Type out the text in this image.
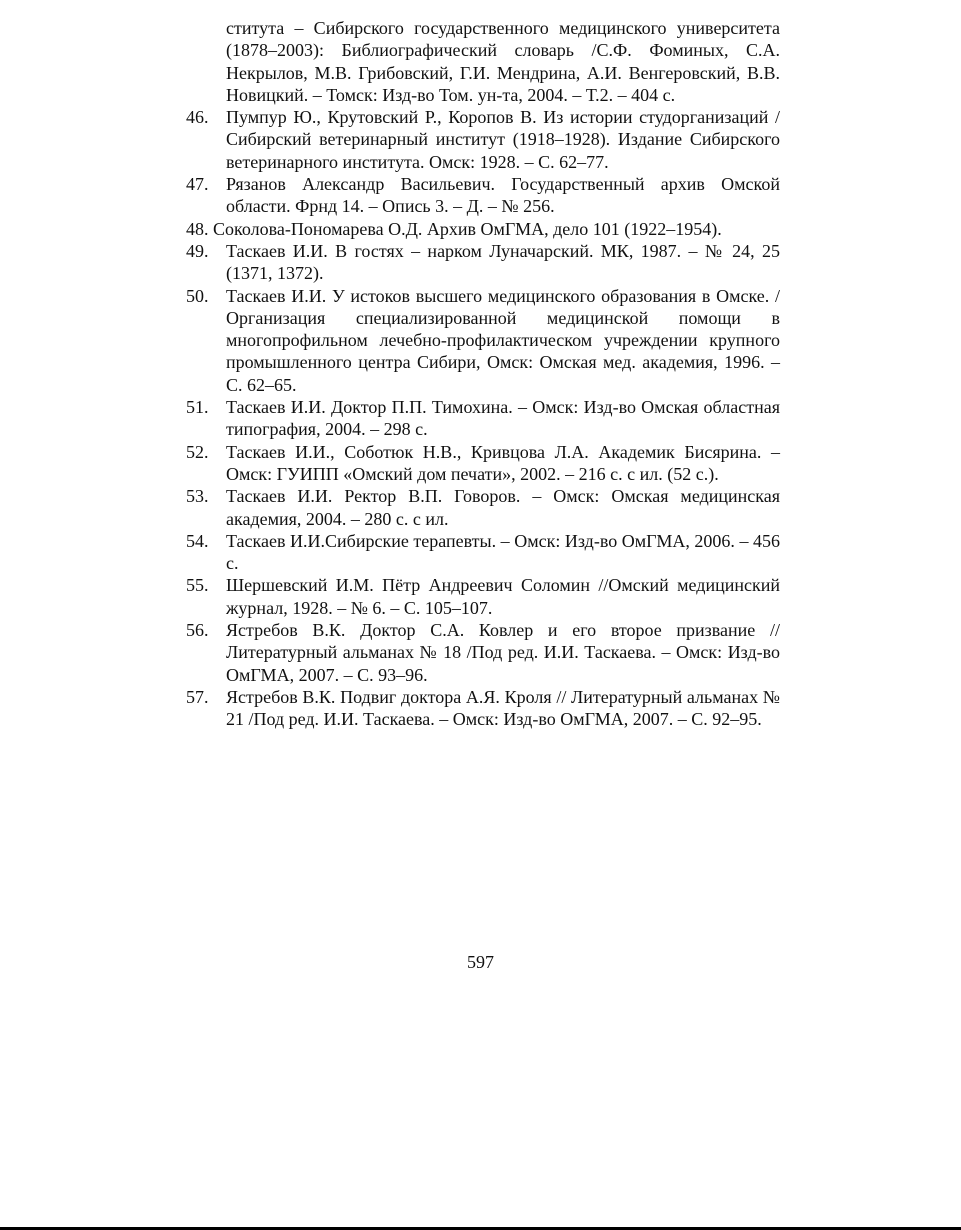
ститута – Сибирского государственного медицинского университета (1878–2003): Библиографический словарь /С.Ф. Фоминых, С.А. Некрылов, М.В. Грибовский, Г.И. Мендрина, А.И. Венгеровский, В.В. Новицкий. – Томск: Изд-во Том. ун-та, 2004. – Т.2. – 404 с.
46. Пумпур Ю., Крутовский Р., Коропов В. Из истории студорганизаций /Сибирский ветеринарный институт (1918–1928). Издание Сибирского ветеринарного института. Омск: 1928. – С. 62–77.
47. Рязанов Александр Васильевич. Государственный архив Омской области. Фрнд 14. – Опись 3. – Д. – № 256.
48. Соколова-Пономарева О.Д. Архив ОмГМА, дело 101 (1922–1954).
49. Таскаев И.И. В гостях – нарком Луначарский. МК, 1987. – № 24, 25 (1371, 1372).
50. Таскаев И.И. У истоков высшего медицинского образования в Омске. /Организация специализированной медицинской помощи в многопрофильном лечебно-профилактическом учреждении крупного промышленного центра Сибири, Омск: Омская мед. академия, 1996. – С. 62–65.
51. Таскаев И.И. Доктор П.П. Тимохина. – Омск: Изд-во Омская областная типография, 2004. – 298 с.
52. Таскаев И.И., Соботюк Н.В., Кривцова Л.А. Академик Бисярина. – Омск: ГУИПП «Омский дом печати», 2002. – 216 с. с ил. (52 с.).
53. Таскаев И.И. Ректор В.П. Говоров. – Омск: Омская медицинская академия, 2004. – 280 с. с ил.
54. Таскаев И.И.Сибирские терапевты. – Омск: Изд-во ОмГМА, 2006. – 456 с.
55. Шершевский И.М. Пётр Андреевич Соломин //Омский медицинский журнал, 1928. – № 6. – С. 105–107.
56. Ястребов В.К. Доктор С.А. Ковлер и его второе призвание //Литературный альманах № 18 /Под ред. И.И. Таскаева. – Омск: Изд-во ОмГМА, 2007. – С. 93–96.
57. Ястребов В.К. Подвиг доктора А.Я. Кроля // Литературный альманах № 21 /Под ред. И.И. Таскаева. – Омск: Изд-во ОмГМА, 2007. – С. 92–95.
597
